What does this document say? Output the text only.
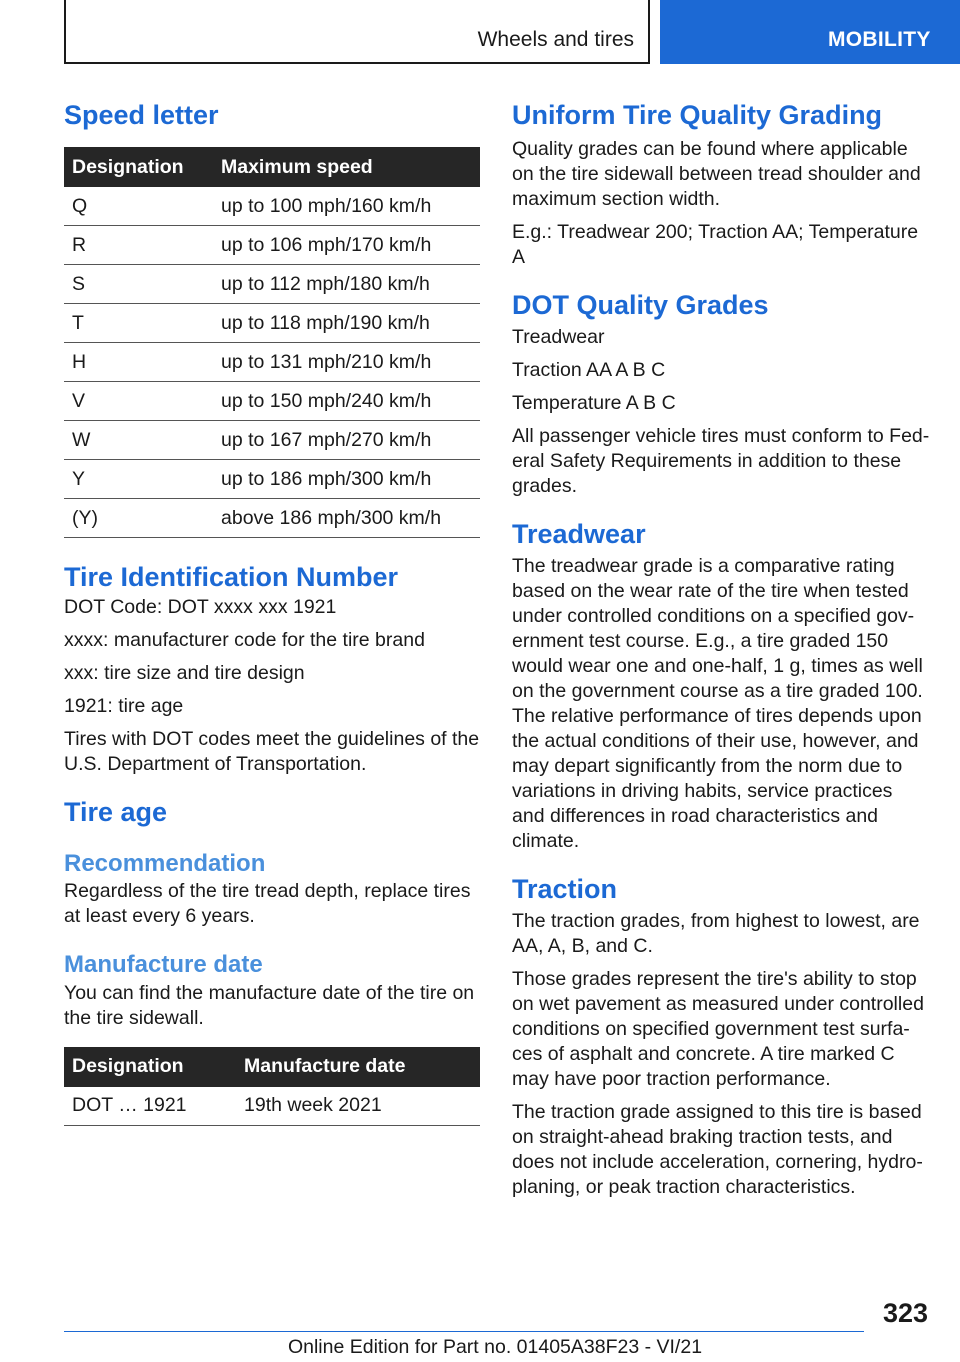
Wheels and tires	MOBILITY
Speed letter
Designation	Maximum speed
Q	up to 100 mph/160 km/h
R	up to 106 mph/170 km/h
S	up to 112 mph/180 km/h
T	up to 118 mph/190 km/h
H	up to 131 mph/210 km/h
V	up to 150 mph/240 km/h
W	up to 167 mph/270 km/h
Y	up to 186 mph/300 km/h
(Y)	above 186 mph/300 km/h
Tire Identification Number

DOT Code: DOT xxxx xxx 1921

xxxx: manufacturer code for the tire brand

xxx: tire size and tire design

1921: tire age

Tires with DOT codes meet the guidelines of the U.S. Department of Transportation.

Tire age
Recommendation

Regardless of the tire tread depth, replace tires at least every 6 years.

Manufacture date

You can find the manufacture date of the tire on the tire sidewall.

Designation	Manufacture date
DOT … 1921	19th week 2021
Uniform Tire Quality Grading

Quality grades can be found where applicable on the tire sidewall between tread shoulder and maximum section width.

E.g.: Treadwear 200; Traction AA; Temperature A

DOT Quality Grades

Treadwear

Traction AA A B C

Temperature A B C

All passenger vehicle tires must conform to Fed‐eral Safety Requirements in addition to these grades.

Treadwear

The treadwear grade is a comparative rating based on the wear rate of the tire when tested under controlled conditions on a specified gov‐ernment test course. E.g., a tire graded 150 would wear one and one-half, 1 g, times as well on the government course as a tire graded 100. The relative performance of tires depends upon the actual conditions of their use, however, and may depart significantly from the norm due to variations in driving habits, service practices and differences in road characteristics and climate.

Traction

The traction grades, from highest to lowest, are AA, A, B, and C.

Those grades represent the tire's ability to stop on wet pavement as measured under controlled conditions on specified government test surfa‐ces of asphalt and concrete. A tire marked C may have poor traction performance.

The traction grade assigned to this tire is based on straight-ahead braking traction tests, and does not include acceleration, cornering, hydro‐planing, or peak traction characteristics.

323
Online Edition for Part no. 01405A38F23 - VI/21
